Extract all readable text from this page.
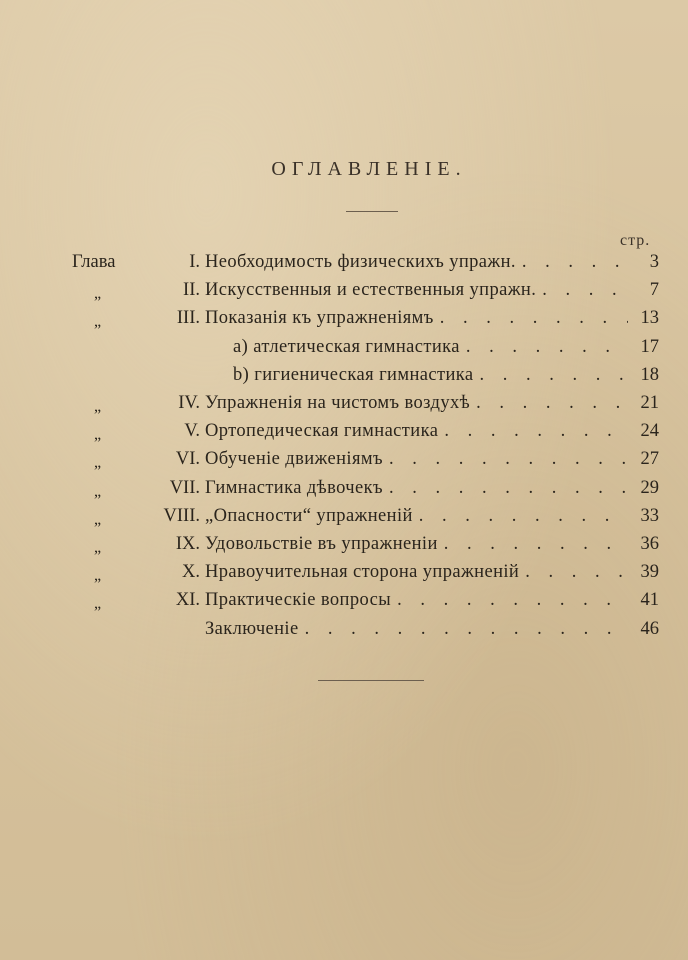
ОГЛАВЛЕНІЕ.
стр.
Глава	I. Необходимость физическихъ упражн. . . .	3
„	II. Искусственныя и естественныя упражн. . . .	7
„	III. Показанія къ упражненіямъ . . .	13
а) атлетическая гимнастика . . .	17
b) гигиеническая гимнастика . . .	18
„	IV. Упражненія на чистомъ воздухѣ . . .	21
„	V. Ортопедическая гимнастика . . .	24
„	VI. Обученіе движеніямъ . . .	27
„	VII. Гимнастика дѣвочекъ . . .	29
„	VIII. „Опасности“ упражненій . . .	33
„	IX. Удовольствіе въ упражненіи . . .	36
„	X. Нравоучительная сторона упражненій . . .	39
„	XI. Практическіе вопросы . . .	41
Заключеніе . . .	46
